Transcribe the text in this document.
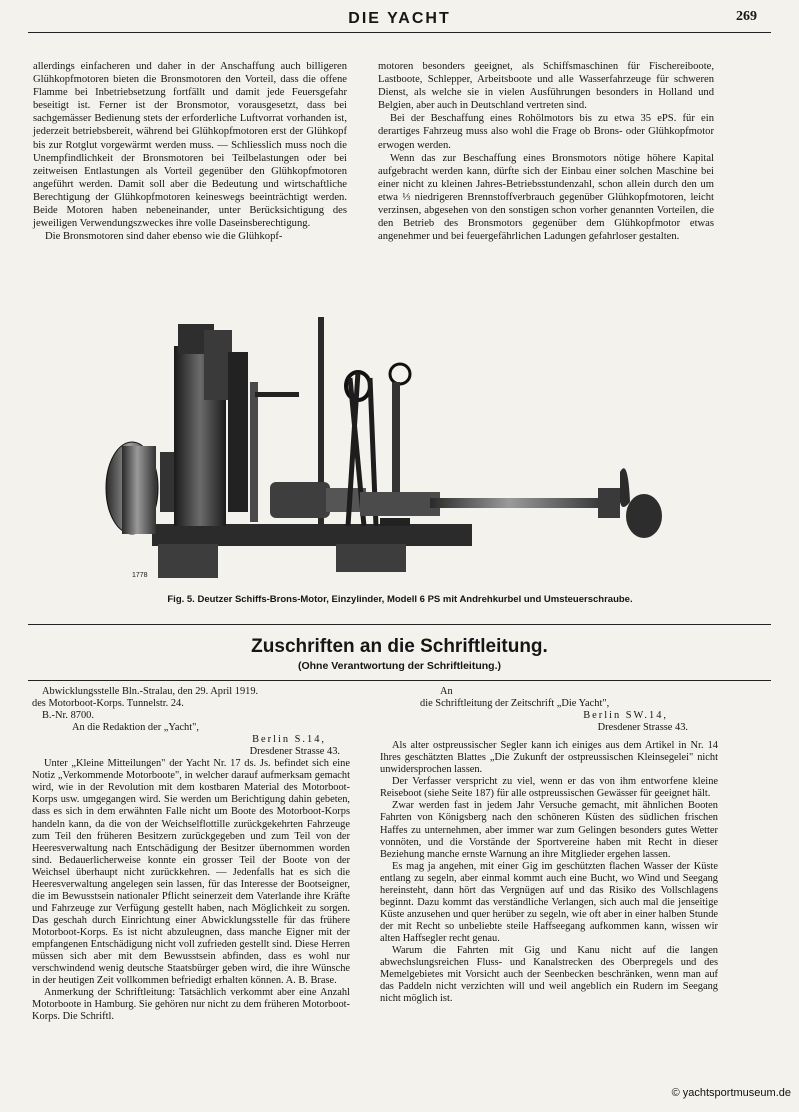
DIE YACHT	269

allerdings einfacheren und daher in der Anschaffung auch billigeren Glühkopfmotoren bieten die Bronsmotoren den Vorteil, dass die offene Flamme bei Inbetriebsetzung fortfällt und damit jede Feuersgefahr beseitigt ist. Ferner ist der Bronsmotor, vorausgesetzt, dass bei sachgemässer Bedienung stets der erforderliche Luftvorrat vorhanden ist, jederzeit betriebsbereit, während bei Glühkopfmotoren erst der Glühkopf bis zur Rotglut vorgewärmt werden muss. — Schliesslich muss noch die Unempfindlichkeit der Bronsmotoren bei Teilbelastungen oder bei zeitweisen Entlastungen als Vorteil gegenüber den Glühkopfmotoren angeführt werden. Damit soll aber die Bedeutung und wirtschaftliche Berechtigung der Glühkopfmotoren keineswegs beeinträchtigt werden. Beide Motoren haben nebeneinander, unter Berücksichtigung des jeweiligen Verwendungszweckes ihre volle Daseinsberechtigung.

Die Bronsmotoren sind daher ebenso wie die Glühkopf-

motoren besonders geeignet, als Schiffsmaschinen für Fischereiboote, Lastboote, Schlepper, Arbeitsboote und alle Wasserfahrzeuge für schweren Dienst, als welche sie in vielen Ausführungen besonders in Holland und Belgien, aber auch in Deutschland vertreten sind.

Bei der Beschaffung eines Rohölmotors bis zu etwa 35 ePS. für ein derartiges Fahrzeug muss also wohl die Frage ob Brons- oder Glühkopfmotor erwogen werden.

Wenn das zur Beschaffung eines Bronsmotors nötige höhere Kapital aufgebracht werden kann, dürfte sich der Einbau einer solchen Maschine bei einer nicht zu kleinen Jahres-Betriebsstundenzahl, schon allein durch den um etwa ⅓ niedrigeren Brennstoffverbrauch gegenüber Glühkopfmotoren, leicht verzinsen, abgesehen von den sonstigen schon vorher genannten Vorteilen, die den Betrieb des Bronsmotors gegenüber dem Glühkopfmotor etwas angenehmer und bei feuergefährlichen Ladungen gefahrloser gestalten.

1778
Fig. 5. Deutzer Schiffs-Brons-Motor, Einzylinder, Modell 6 PS mit Andrehkurbel und Umsteuerschraube.
Zuschriften an die Schriftleitung.
(Ohne Verantwortung der Schriftleitung.)

Abwicklungsstelle Bln.-Stralau, den 29. April 1919.

des Motorboot-Korps. Tunnelstr. 24.

B.-Nr. 8700.

An die Redaktion der „Yacht",

Berlin S.14,

Dresdener Strasse 43.

Unter „Kleine Mitteilungen" der Yacht Nr. 17 ds. Js. befindet sich eine Notiz „Verkommende Motorboote", in welcher darauf aufmerksam gemacht wird, wie in der Revolution mit dem kostbaren Material des Motorboot-Korps usw. umgegangen wird. Sie werden um Berichtigung dahin gebeten, dass es sich in dem erwähnten Falle nicht um Boote des Motorboot-Korps handeln kann, da die von der Weichselflottille zurückgekehrten Fahrzeuge zum Teil den früheren Besitzern zurückgegeben und zum Teil von der Heeresverwaltung nach Entschädigung der Besitzer übernommen worden sind. Bedauerlicherweise konnte ein grosser Teil der Boote von der Weichsel überhaupt nicht zurückkehren. — Jedenfalls hat es sich die Heeresverwaltung angelegen sein lassen, für das Interesse der Bootseigner, die im Bewusstsein nationaler Pflicht seinerzeit dem Vaterlande ihre Kräfte und Fahrzeuge zur Verfügung gestellt haben, nach Möglichkeit zu sorgen. Das geschah durch Einrichtung einer Abwicklungsstelle für das frühere Motorboot-Korps. Es ist nicht abzuleugnen, dass manche Eigner mit der empfangenen Entschädigung nicht voll zufrieden gestellt sind. Diese Herren müssen sich aber mit dem Bewusstsein abfinden, dass es wohl nur verschwindend wenig deutsche Staatsbürger geben wird, die ihre Wünsche in der heutigen Zeit vollkommen befriedigt erhalten können. A. B. Brase.

Anmerkung der Schriftleitung: Tatsächlich verkommt aber eine Anzahl Motorboote in Hamburg. Sie gehören nur nicht zu dem früheren Motorboot-Korps. Die Schriftl.

An

die Schriftleitung der Zeitschrift „Die Yacht",

Berlin SW.14,

Dresdener Strasse 43.

Als alter ostpreussischer Segler kann ich einiges aus dem Artikel in Nr. 14 Ihres geschätzten Blattes „Die Zukunft der ostpreussischen Kleinsegelei" nicht unwidersprochen lassen.

Der Verfasser verspricht zu viel, wenn er das von ihm entworfene kleine Reiseboot (siehe Seite 187) für alle ostpreussischen Gewässer für geeignet hält.

Zwar werden fast in jedem Jahr Versuche gemacht, mit ähnlichen Booten Fahrten von Königsberg nach den schöneren Küsten des südlichen frischen Haffes zu unternehmen, aber immer war zum Gelingen besonders gutes Wetter vonnöten, und die Vorstände der Sportvereine haben mit Recht in dieser Beziehung manche ernste Warnung an ihre Mitglieder ergehen lassen.

Es mag ja angehen, mit einer Gig im geschützten flachen Wasser der Küste entlang zu segeln, aber einmal kommt auch eine Bucht, wo Wind und Seegang hereinsteht, dann hört das Vergnügen auf und das Risiko des Vollschlagens beginnt. Dazu kommt das verständliche Verlangen, sich auch mal die jenseitige Küste anzusehen und quer herüber zu segeln, wie oft aber in einer halben Stunde der mit Recht so unbeliebte steile Haffseegang aufkommen kann, wissen wir alten Haffsegler recht genau.

Warum die Fahrten mit Gig und Kanu nicht auf die langen abwechslungsreichen Fluss- und Kanalstrecken des Oberpregels und des Memelgebietes mit Vorsicht auch der Seenbecken beschränken, wenn man auf das Paddeln nicht verzichten will und weil angeblich ein Rudern im Seegang nicht möglich ist.

© yachtsportmuseum.de
